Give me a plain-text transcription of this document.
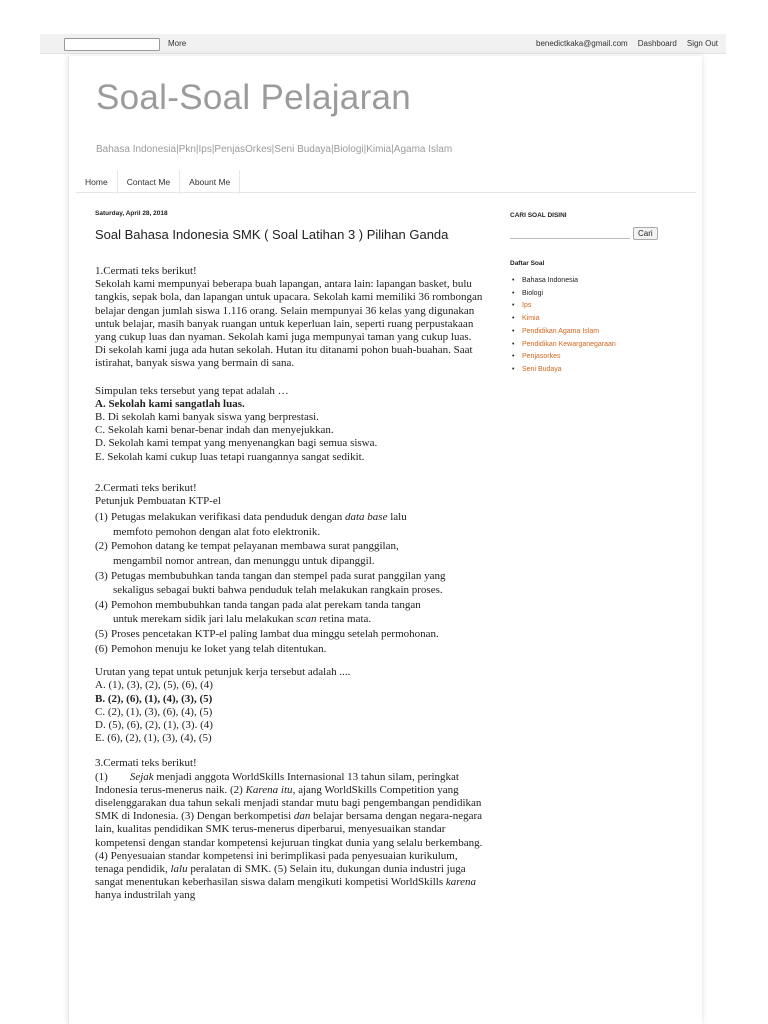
More	benedictkaka@gmail.com Dashboard Sign Out
Soal-Soal Pelajaran
Bahasa Indonesia|Pkn|Ips|PenjasOrkes|Seni Budaya|Biologi|Kimia|Agama Islam
Home	Contact Me	Abount Me
Saturday, April 28, 2018
Soal Bahasa Indonesia SMK ( Soal Latihan 3 ) Pilihan Ganda
1.Cermati teks berikut!
Sekolah kami mempunyai beberapa buah lapangan, antara lain: lapangan basket, bulu tangkis, sepak bola, dan lapangan untuk upacara. Sekolah kami memiliki 36 rombongan belajar dengan jumlah siswa 1.116 orang. Selain mempunyai 36 kelas yang digunakan untuk belajar, masih banyak ruangan untuk keperluan lain, seperti ruang perpustakaan yang cukup luas dan nyaman. Sekolah kami juga mempunyai taman yang cukup luas. Di sekolah kami juga ada hutan sekolah. Hutan itu ditanami pohon buah-buahan. Saat istirahat, banyak siswa yang bermain di sana.
Simpulan teks tersebut yang tepat adalah …
A. Sekolah kami sangatlah luas.
B. Di sekolah kami banyak siswa yang berprestasi.
C. Sekolah kami benar-benar indah dan menyejukkan.
D. Sekolah kami tempat yang menyenangkan bagi semua siswa.
E. Sekolah kami cukup luas tetapi ruangannya sangat sedikit.
2.Cermati teks berikut!
Petunjuk Pembuatan KTP-el
(1) Petugas melakukan verifikasi data penduduk dengan data base lalu
memfoto pemohon dengan alat foto elektronik.
(2) Pemohon datang ke tempat pelayanan membawa surat panggilan,
mengambil nomor antrean, dan menunggu untuk dipanggil.
(3) Petugas membubuhkan tanda tangan dan stempel pada surat panggilan yang
sekaligus sebagai bukti bahwa penduduk telah melakukan rangkain proses.
(4) Pemohon membubuhkan tanda tangan pada alat perekam tanda tangan
untuk merekam sidik jari lalu melakukan scan retina mata.
(5) Proses pencetakan KTP-el paling lambat dua minggu setelah permohonan.
(6) Pemohon menuju ke loket yang telah ditentukan.
Urutan yang tepat untuk petunjuk kerja tersebut adalah ....
A. (1), (3), (2), (5), (6), (4)
B. (2), (6), (1), (4), (3), (5)
C. (2), (1), (3), (6), (4), (5)
D. (5), (6), (2), (1), (3). (4)
E. (6), (2), (1), (3), (4), (5)
3.Cermati teks berikut!
(1) Sejak menjadi anggota WorldSkills Internasional 13 tahun silam, peringkat Indonesia terus-menerus naik. (2) Karena itu, ajang WorldSkills Competition yang diselenggarakan dua tahun sekali menjadi standar mutu bagi pengembangan pendidikan SMK di Indonesia. (3) Dengan berkompetisi dan belajar bersama dengan negara-negara lain, kualitas pendidikan SMK terus-menerus diperbarui, menyesuaikan standar kompetensi dengan standar kompetensi kejuruan tingkat dunia yang selalu berkembang. (4) Penyesuaian standar kompetensi ini berimplikasi pada penyesuaian kurikulum, tenaga pendidik, lalu peralatan di SMK. (5) Selain itu, dukungan dunia industri juga sangat menentukan keberhasilan siswa dalam mengikuti kompetisi WorldSkills karena hanya industrilah yang
CARI SOAL DISINI
Cari
Daftar Soal
• Bahasa Indonesia
• Biologi
• Ips
• Kimia
• Pendidikan Agama Islam
• Pendidikan Kewarganegaraan
• Penjasorkes
• Seni Budaya
